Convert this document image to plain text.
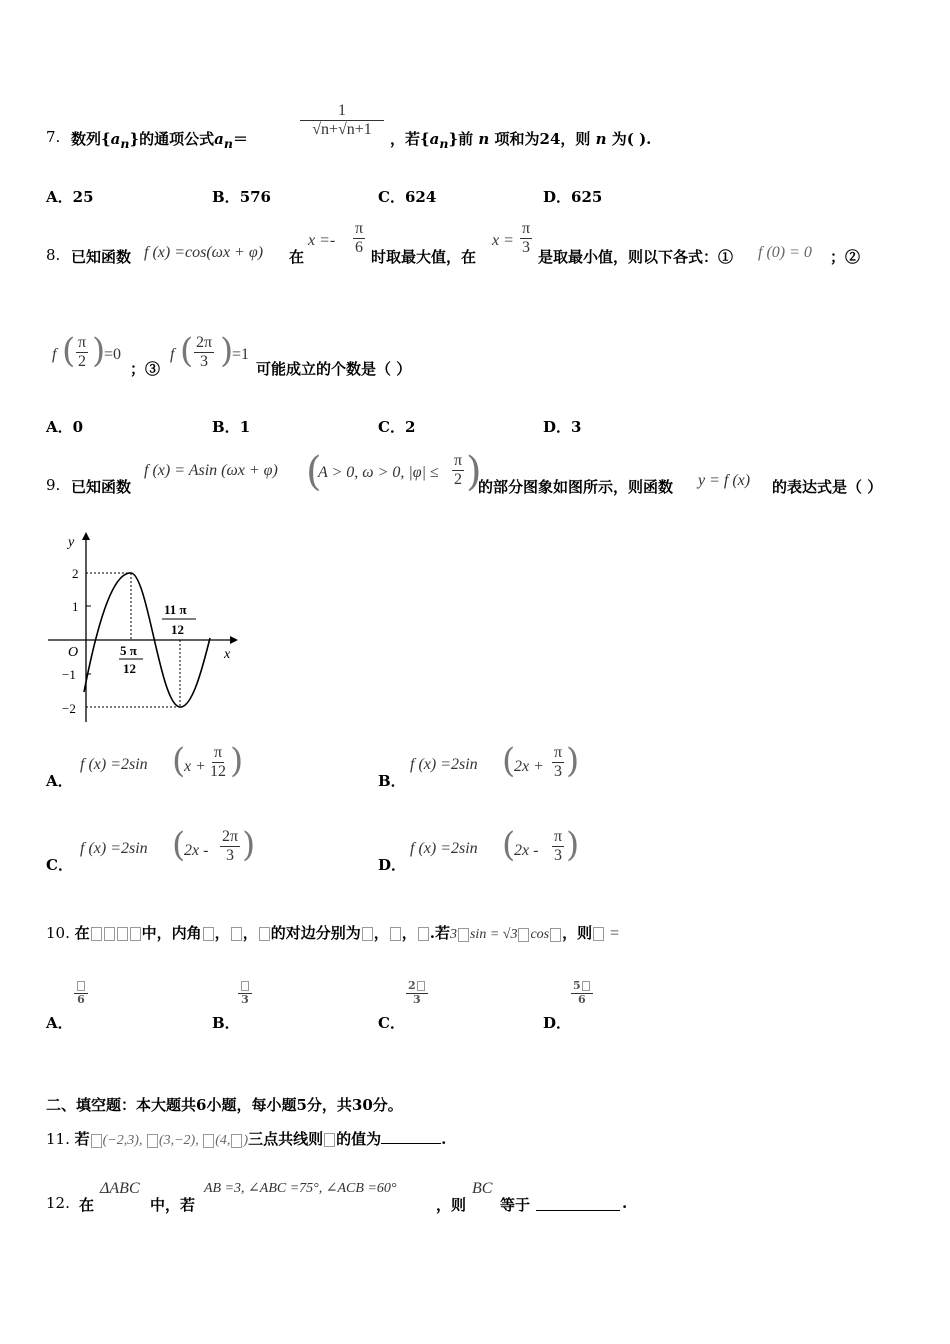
7. 数列$\{a_n\}$的通项公式$a_n=$	$\frac{1}{√n+√n+1}$ ，若$\{a_n\}$前 n 项和为24，则 n 为( ).
A．25	B．576	C．624	D．625
8. 已知函数 f (x) =cos(ωx + φ) 在
$x =- \frac{\pi}{6}$ 时取最大值，在
$x = \frac{\pi}{3}$ 是取最小值，则以下各式：① f (0) = 0 ；②
f ( $\frac{\pi}{2}$ )
=0
；③
f ( $\frac{2\pi}{3}$ )
=1
可能成立的个数是（ ）
A．0	B．1	C．2	D．3
9. 已知函数
f (x) = Asin (ωx + φ) (
A > 0, ω > 0, $|\varphi| \le \frac{\pi}{2}$ )
的部分图象如图所示，则函数 y = f (x) 的表达式是（ ）
y
x
O
2
1
−1
−2
5 π
12
11 π
12
A．
f (x) =2sin (
$x + \frac{\pi}{12}$ )	B．
f (x) =2sin (
$2x + \frac{\pi}{3}$ )
C．
f (x) =2sin (
$2x - \frac{2\pi}{3}$ )	D．
f (x) =2sin (
$2x - \frac{\pi}{3}$ )
10. 在	中，内角 ， ， 的对边分别为 ， ， .若3 sin = √3 cos ，则 =
6
A．
3
B．
$\frac{2}{3}$
C．
$\frac{5}{6}$
D．
二、填空题：本大题共6小题，每小题5分，共30分。
11. 若 (−2,3), (3,−2), (4, )三点共线则 的值为	.
12. 在
ΔABC
中，若
AB =3, ∠ABC =75°, ∠ACB =60°
，则
BC
等于	.
